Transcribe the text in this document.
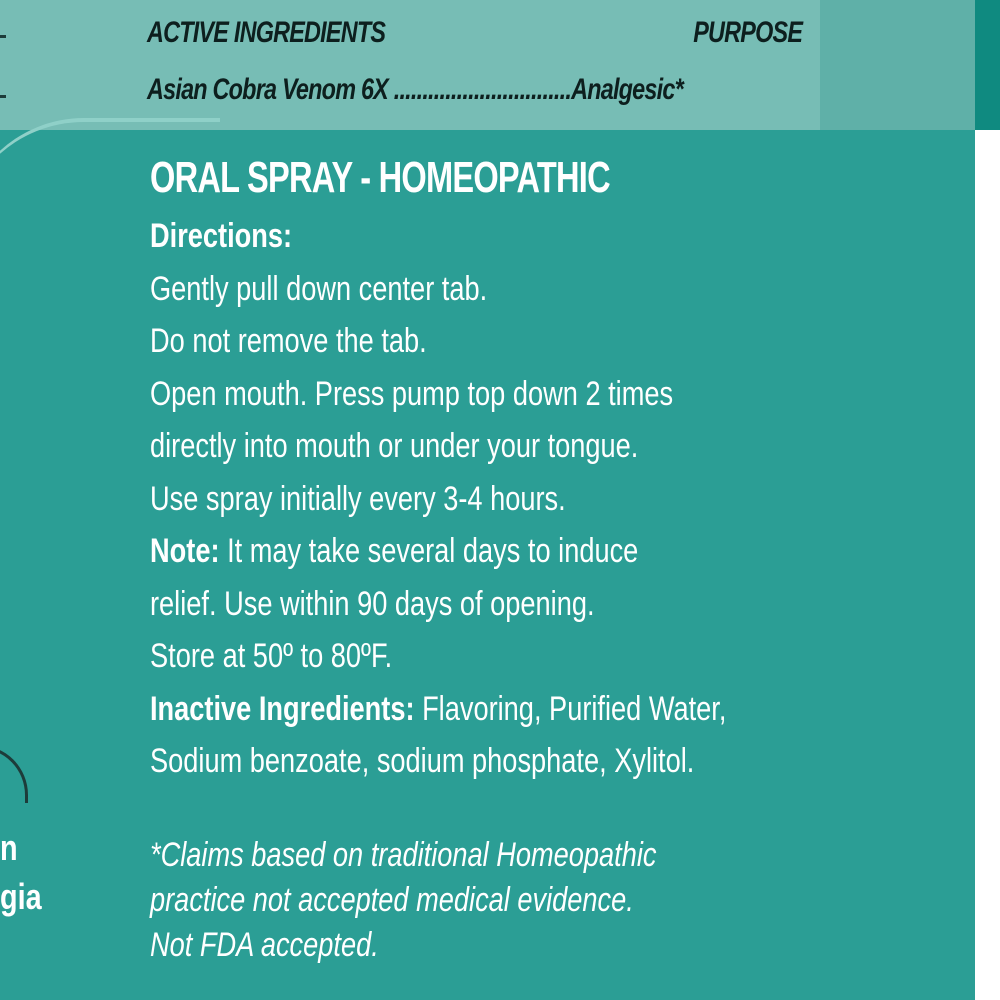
ACTIVE INGREDIENTS	PURPOSE
Asian Cobra Venom 6X ...............................Analgesic*
ORAL SPRAY - HOMEOPATHIC
Directions:
Gently pull down center tab.
Do not remove the tab.
Open mouth. Press pump top down 2 times
directly into mouth or under your tongue.
Use spray initially every 3-4 hours.
Note: It may take several days to induce
relief. Use within 90 days of opening.
Store at 50º to 80ºF.
Inactive Ingredients: Flavoring, Purified Water,
Sodium benzoate, sodium phosphate, Xylitol.
*Claims based on traditional Homeopathic
practice not accepted medical evidence.
Not FDA accepted.
n
gia
